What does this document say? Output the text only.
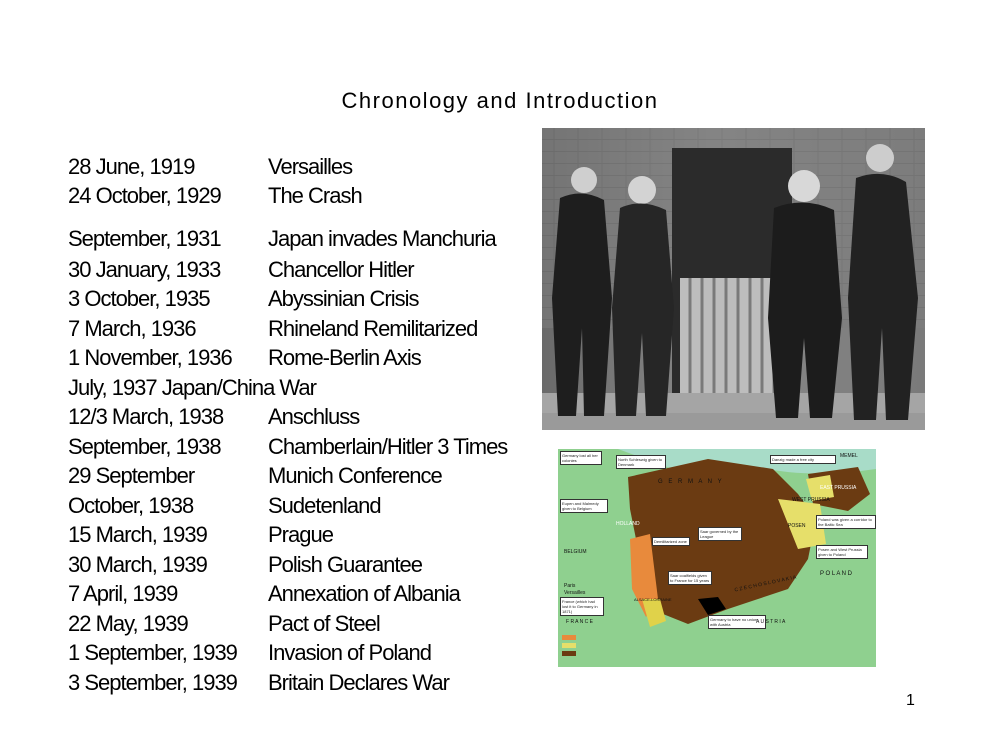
Chronology and Introduction
28 June, 1919	Versailles
24 October, 1929 The Crash
September, 1931 Japan invades Manchuria
30 January, 1933 Chancellor Hitler
3 October, 1935	Abyssinian Crisis
7 March, 1936	Rhineland Remilitarized
1 November, 1936 Rome-Berlin Axis
July, 1937 Japan/China War
12/3 March, 1938 Anschluss
September, 1938 Chamberlain/Hitler 3 Times
29 September	Munich Conference
October, 1938	Sudetenland
15 March, 1939	Prague
30 March, 1939	Polish Guarantee
7 April, 1939	Annexation of Albania
22 May, 1939	Pact of Steel
1 September, 1939 Invasion of Poland
3 September, 1939 Britain Declares War
Germany lost all her colonies	North Schleswig given to Denmark
Danzig made a free city
Eupen and Malmedy given to Belgium
Poland was given a corridor to the Baltic Sea
Saar governed by the League
Posen and West Prussia given to Poland
Demilitarized zone
Saar coalfields given to France for 15 years
France (which had lost it to Germany in 1871)
Germany to have no union with Austria
G E R M A N Y
P O L A N D
C Z E C H O S L O V A K I A
A U S T R I A
F R A N C E
HOLLAND
BELGIUM
EAST PRUSSIA
WEST PRUSSIA
POSEN
ALSACE-LORRAINE
MEMEL
Paris
Versailles
1
